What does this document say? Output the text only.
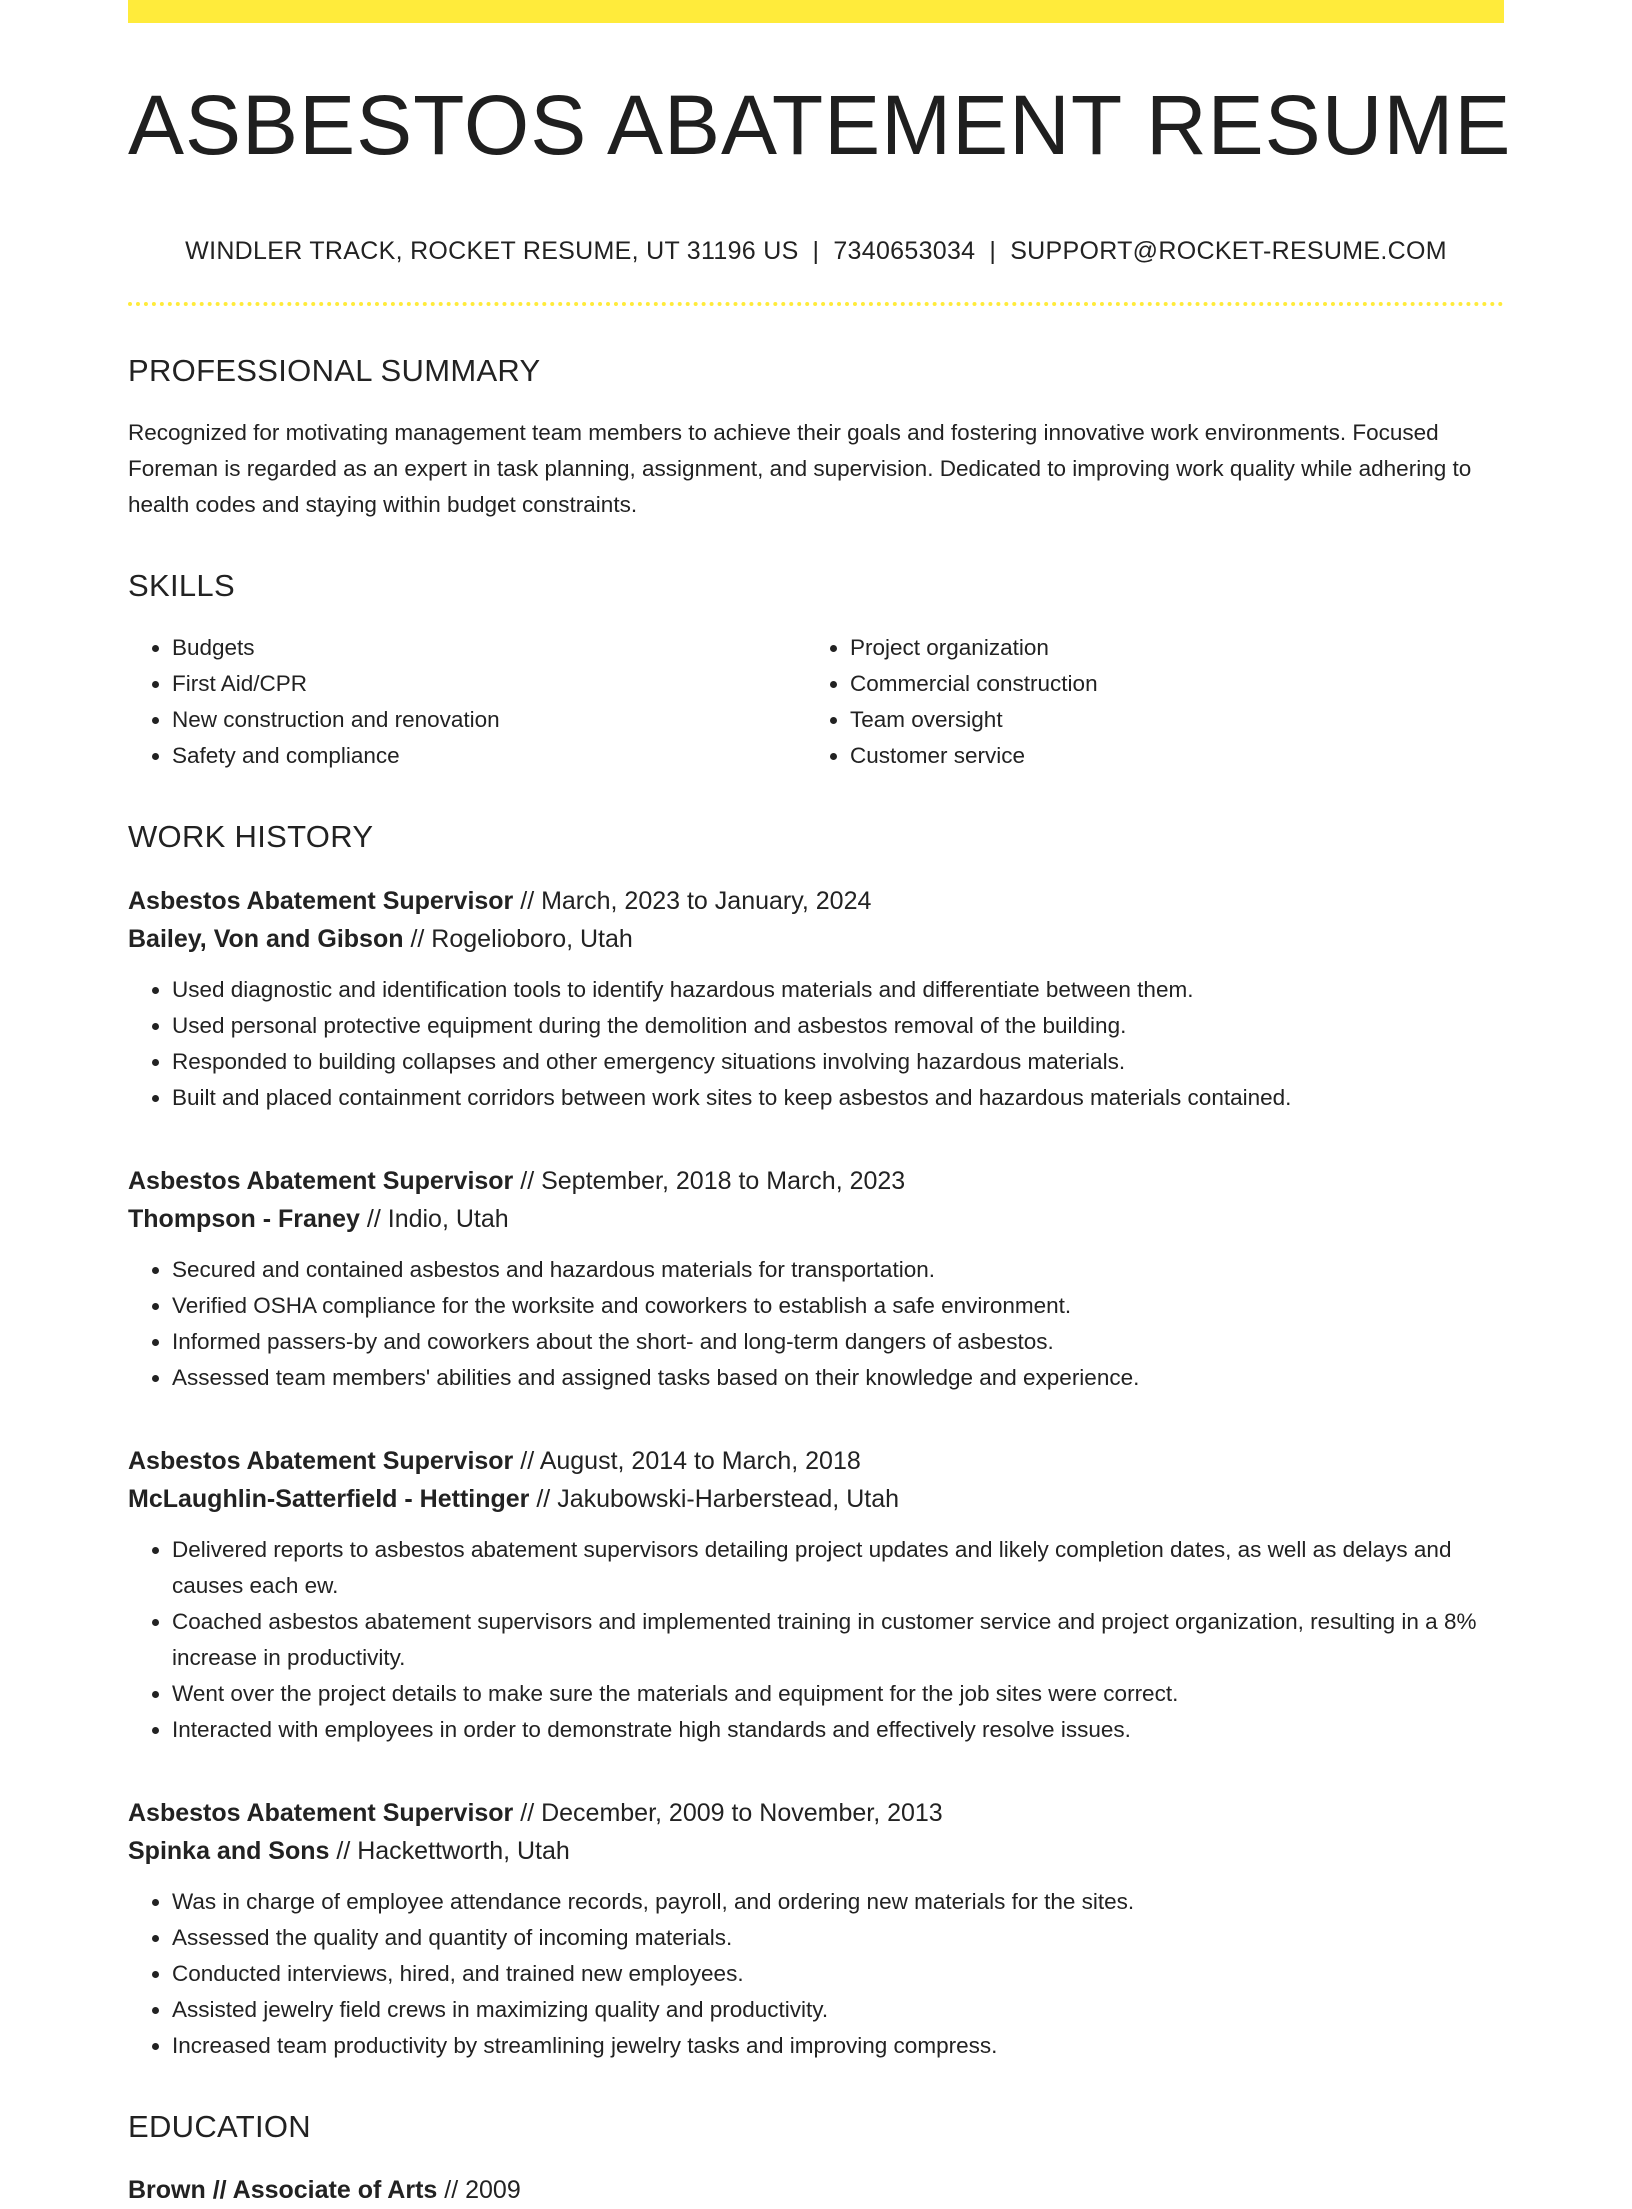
ASBESTOS ABATEMENT RESUME
WINDLER TRACK, ROCKET RESUME, UT 31196 US | 7340653034 | SUPPORT@ROCKET-RESUME.COM
PROFESSIONAL SUMMARY
Recognized for motivating management team members to achieve their goals and fostering innovative work environments. Focused Foreman is regarded as an expert in task planning, assignment, and supervision. Dedicated to improving work quality while adhering to health codes and staying within budget constraints.
SKILLS
• Budgets
• First Aid/CPR
• New construction and renovation
• Safety and compliance
• Project organization
• Commercial construction
• Team oversight
• Customer service
WORK HISTORY
Asbestos Abatement Supervisor // March, 2023 to January, 2024
Bailey, Von and Gibson // Rogelioboro, Utah
• Used diagnostic and identification tools to identify hazardous materials and differentiate between them.
• Used personal protective equipment during the demolition and asbestos removal of the building.
• Responded to building collapses and other emergency situations involving hazardous materials.
• Built and placed containment corridors between work sites to keep asbestos and hazardous materials contained.
Asbestos Abatement Supervisor // September, 2018 to March, 2023
Thompson - Franey // Indio, Utah
• Secured and contained asbestos and hazardous materials for transportation.
• Verified OSHA compliance for the worksite and coworkers to establish a safe environment.
• Informed passers-by and coworkers about the short- and long-term dangers of asbestos.
• Assessed team members' abilities and assigned tasks based on their knowledge and experience.
Asbestos Abatement Supervisor // August, 2014 to March, 2018
McLaughlin-Satterfield - Hettinger // Jakubowski-Harberstead, Utah
• Delivered reports to asbestos abatement supervisors detailing project updates and likely completion dates, as well as delays and causes each ew.
• Coached asbestos abatement supervisors and implemented training in customer service and project organization, resulting in a 8% increase in productivity.
• Went over the project details to make sure the materials and equipment for the job sites were correct.
• Interacted with employees in order to demonstrate high standards and effectively resolve issues.
Asbestos Abatement Supervisor // December, 2009 to November, 2013
Spinka and Sons // Hackettworth, Utah
• Was in charge of employee attendance records, payroll, and ordering new materials for the sites.
• Assessed the quality and quantity of incoming materials.
• Conducted interviews, hired, and trained new employees.
• Assisted jewelry field crews in maximizing quality and productivity.
• Increased team productivity by streamlining jewelry tasks and improving compress.
EDUCATION
Brown // Associate of Arts // 2009
